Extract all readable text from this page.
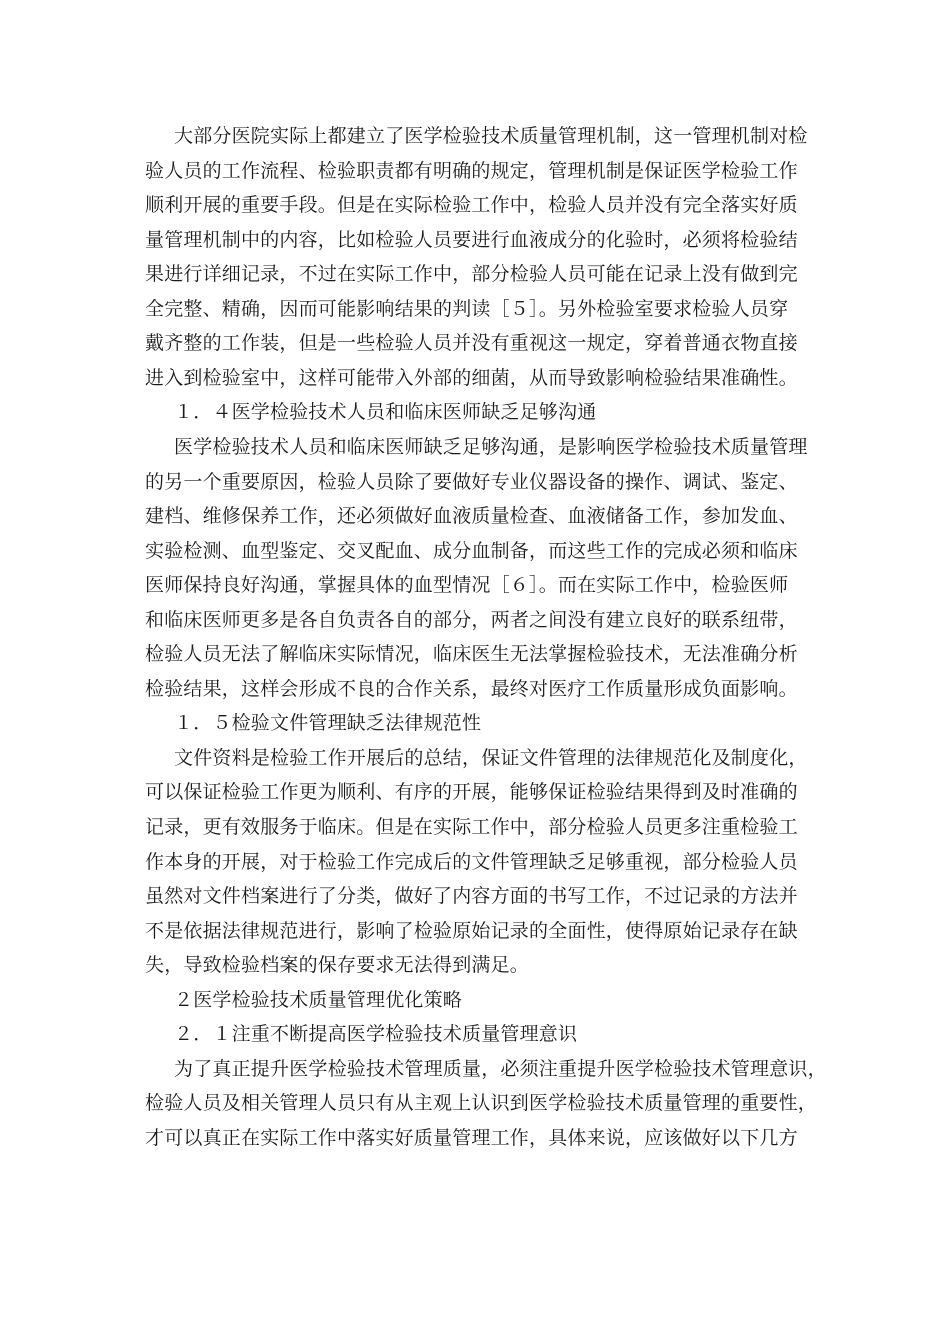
大部分医院实际上都建立了医学检验技术质量管理机制，这一管理机制对检
验人员的工作流程、检验职责都有明确的规定，管理机制是保证医学检验工作
顺利开展的重要手段。但是在实际检验工作中，检验人员并没有完全落实好质
量管理机制中的内容，比如检验人员要进行血液成分的化验时，必须将检验结
果进行详细记录，不过在实际工作中，部分检验人员可能在记录上没有做到完
全完整、精确，因而可能影响结果的判读［５］。另外检验室要求检验人员穿
戴齐整的工作装，但是一些检验人员并没有重视这一规定，穿着普通衣物直接
进入到检验室中，这样可能带入外部的细菌，从而导致影响检验结果准确性。
１．４医学检验技术人员和临床医师缺乏足够沟通
医学检验技术人员和临床医师缺乏足够沟通，是影响医学检验技术质量管理
的另一个重要原因，检验人员除了要做好专业仪器设备的操作、调试、鉴定、
建档、维修保养工作，还必须做好血液质量检查、血液储备工作，参加发血、
实验检测、血型鉴定、交叉配血、成分血制备，而这些工作的完成必须和临床
医师保持良好沟通，掌握具体的血型情况［６］。而在实际工作中，检验医师
和临床医师更多是各自负责各自的部分，两者之间没有建立良好的联系纽带，
检验人员无法了解临床实际情况，临床医生无法掌握检验技术，无法准确分析
检验结果，这样会形成不良的合作关系，最终对医疗工作质量形成负面影响。
１．５检验文件管理缺乏法律规范性
文件资料是检验工作开展后的总结，保证文件管理的法律规范化及制度化，
可以保证检验工作更为顺利、有序的开展，能够保证检验结果得到及时准确的
记录，更有效服务于临床。但是在实际工作中，部分检验人员更多注重检验工
作本身的开展，对于检验工作完成后的文件管理缺乏足够重视，部分检验人员
虽然对文件档案进行了分类，做好了内容方面的书写工作，不过记录的方法并
不是依据法律规范进行，影响了检验原始记录的全面性，使得原始记录存在缺
失，导致检验档案的保存要求无法得到满足。
２医学检验技术质量管理优化策略
２．１注重不断提高医学检验技术质量管理意识
为了真正提升医学检验技术管理质量，必须注重提升医学检验技术管理意识，
检验人员及相关管理人员只有从主观上认识到医学检验技术质量管理的重要性，
才可以真正在实际工作中落实好质量管理工作，具体来说，应该做好以下几方
